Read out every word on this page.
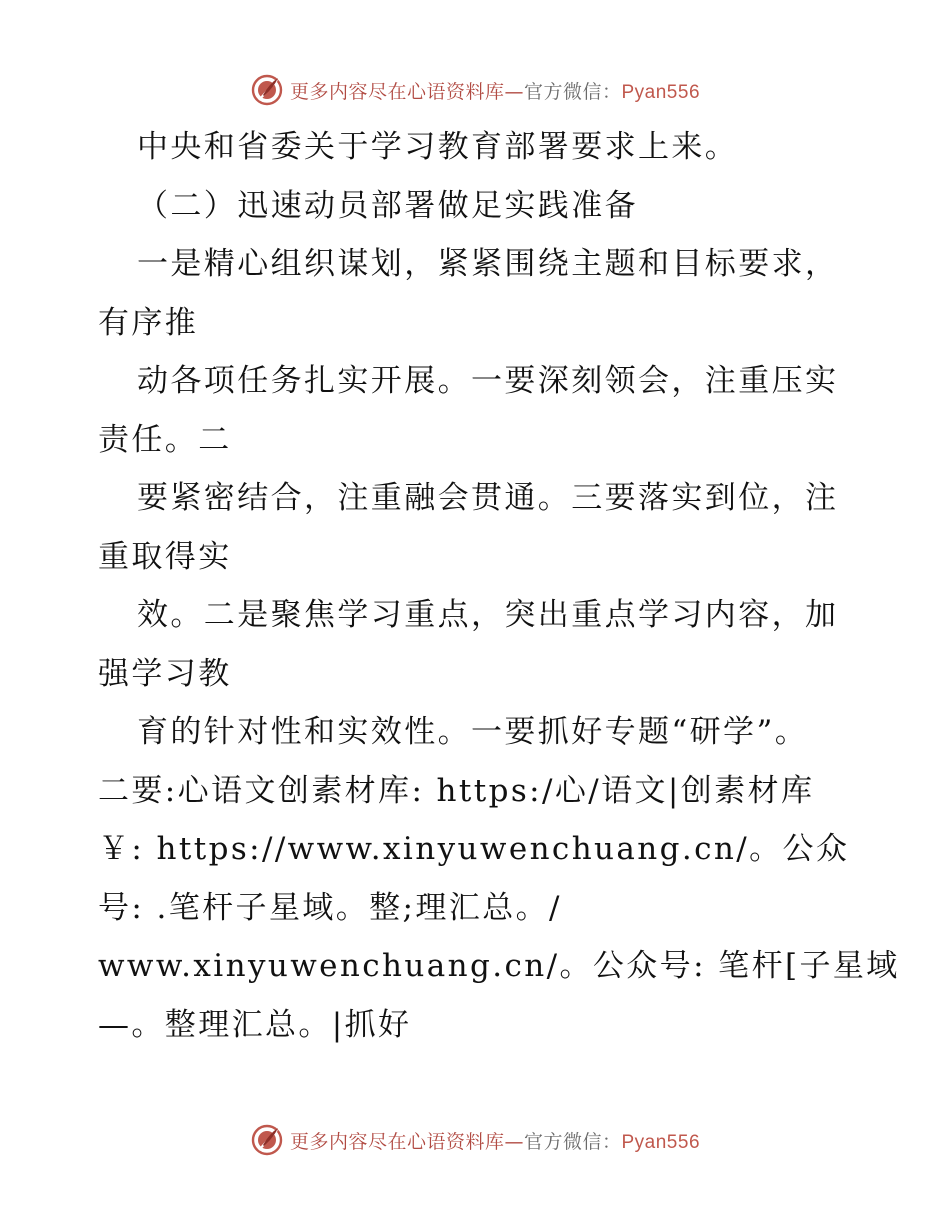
更多内容尽在心语资料库—官方微信：Pyan556
中央和省委关于学习教育部署要求上来。
（二）迅速动员部署做足实践准备
一是精心组织谋划，紧紧围绕主题和目标要求，
有序推
动各项任务扎实开展。一要深刻领会，注重压实
责任。二
要紧密结合，注重融会贯通。三要落实到位，注
重取得实
效。二是聚焦学习重点，突出重点学习内容，加
强学习教
育的针对性和实效性。一要抓好专题“研学”。
二要:心语文创素材库: https:/心/语文|创素材库
￥: https://www.xinyuwenchuang.cn/。公众
号: .笔杆子星域。整;理汇总。/
www.xinyuwenchuang.cn/。公众号: 笔杆[子星域
—。整理汇总。|抓好
更多内容尽在心语资料库—官方微信：Pyan556
